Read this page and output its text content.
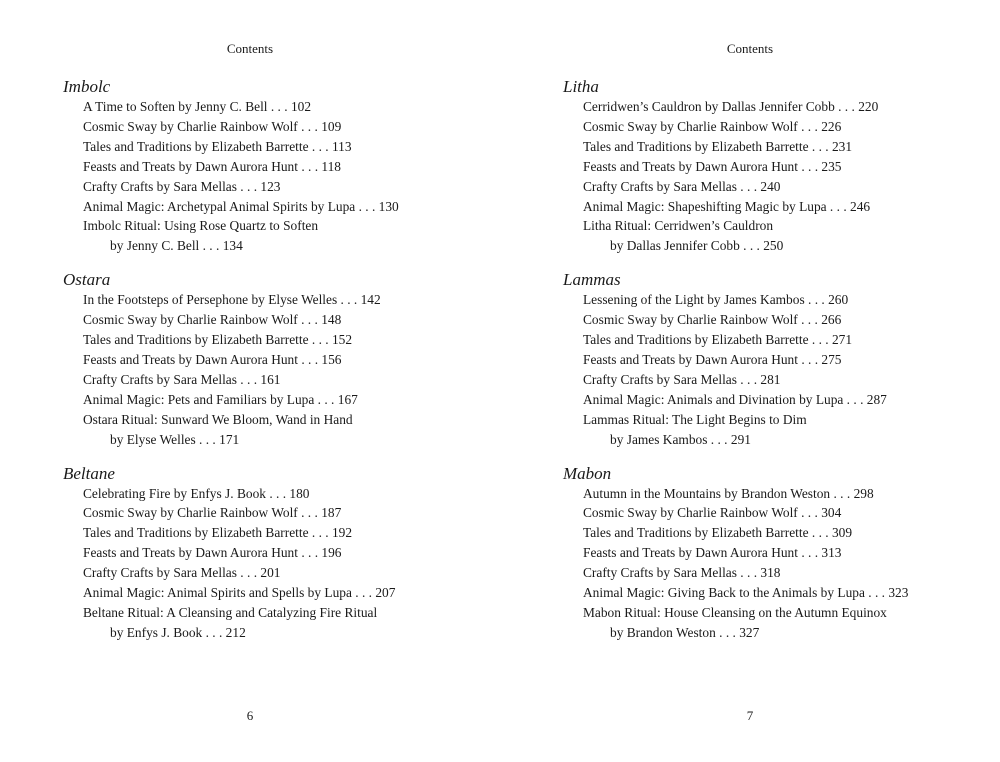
Contents
Imbolc
A Time to Soften by Jenny C. Bell . . . 102
Cosmic Sway by Charlie Rainbow Wolf . . . 109
Tales and Traditions by Elizabeth Barrette . . . 113
Feasts and Treats by Dawn Aurora Hunt . . . 118
Crafty Crafts by Sara Mellas . . . 123
Animal Magic: Archetypal Animal Spirits by Lupa . . . 130
Imbolc Ritual: Using Rose Quartz to Soften
by Jenny C. Bell . . . 134
Ostara
In the Footsteps of Persephone by Elyse Welles . . . 142
Cosmic Sway by Charlie Rainbow Wolf . . . 148
Tales and Traditions by Elizabeth Barrette . . . 152
Feasts and Treats by Dawn Aurora Hunt . . . 156
Crafty Crafts by Sara Mellas . . . 161
Animal Magic: Pets and Familiars by Lupa . . . 167
Ostara Ritual: Sunward We Bloom, Wand in Hand
by Elyse Welles . . . 171
Beltane
Celebrating Fire by Enfys J. Book . . . 180
Cosmic Sway by Charlie Rainbow Wolf . . . 187
Tales and Traditions by Elizabeth Barrette . . . 192
Feasts and Treats by Dawn Aurora Hunt . . . 196
Crafty Crafts by Sara Mellas . . . 201
Animal Magic: Animal Spirits and Spells by Lupa . . . 207
Beltane Ritual: A Cleansing and Catalyzing Fire Ritual
by Enfys J. Book . . . 212
6
Contents
Litha
Cerridwen’s Cauldron by Dallas Jennifer Cobb . . . 220
Cosmic Sway by Charlie Rainbow Wolf . . . 226
Tales and Traditions by Elizabeth Barrette . . . 231
Feasts and Treats by Dawn Aurora Hunt . . . 235
Crafty Crafts by Sara Mellas . . . 240
Animal Magic: Shapeshifting Magic by Lupa . . . 246
Litha Ritual: Cerridwen’s Cauldron
by Dallas Jennifer Cobb . . . 250
Lammas
Lessening of the Light by James Kambos . . . 260
Cosmic Sway by Charlie Rainbow Wolf . . . 266
Tales and Traditions by Elizabeth Barrette . . . 271
Feasts and Treats by Dawn Aurora Hunt . . . 275
Crafty Crafts by Sara Mellas . . . 281
Animal Magic: Animals and Divination by Lupa . . . 287
Lammas Ritual: The Light Begins to Dim
by James Kambos . . . 291
Mabon
Autumn in the Mountains by Brandon Weston . . . 298
Cosmic Sway by Charlie Rainbow Wolf . . . 304
Tales and Traditions by Elizabeth Barrette . . . 309
Feasts and Treats by Dawn Aurora Hunt . . . 313
Crafty Crafts by Sara Mellas . . . 318
Animal Magic: Giving Back to the Animals by Lupa . . . 323
Mabon Ritual: House Cleansing on the Autumn Equinox
by Brandon Weston . . . 327
7
